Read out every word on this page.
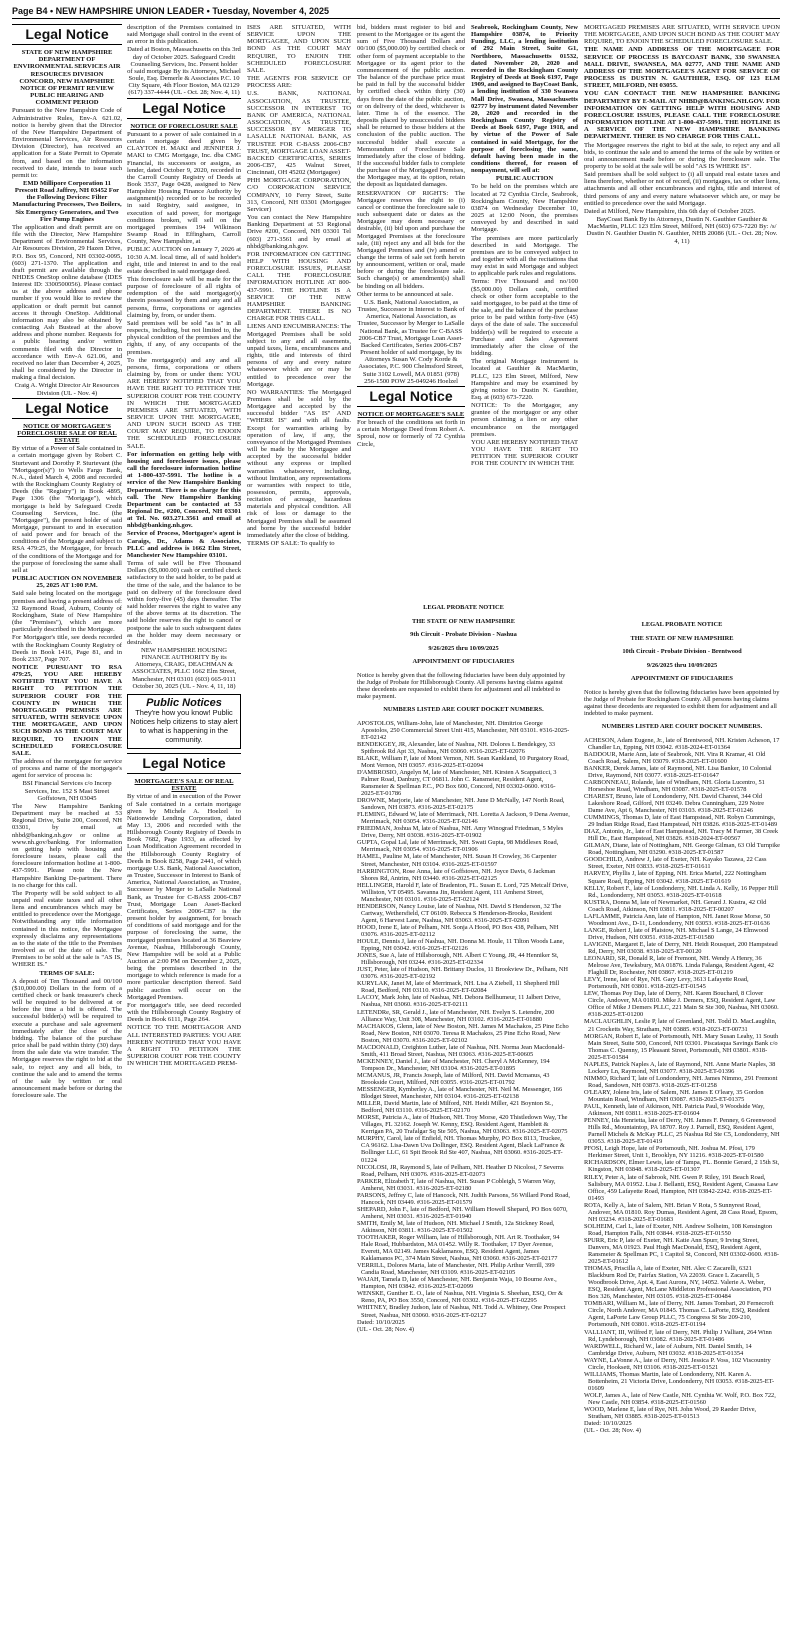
Page B4 • NEW HAMPSHIRE UNION LEADER • Tuesday, November 4, 2025
Legal Notice

STATE OF NEW HAMPSHIRE DEPARTMENT OF ENVIRONMENTAL SERVICES AIR RESOURCES DIVISION CONCORD, NEW HAMPSHIRE NOTICE OF PERMIT REVIEW PUBLIC HEARING AND COMMENT PERIOD

Pursuant to the New Hampshire Code of Administrative Rules, Env-A 621.02, notice is hereby given that the Director of the New Hampshire Department of Environmental Services, Air Resources Division (Director), has received an application for a State Permit to Operate from, and based on the information received to date, intends to issue such permit to:

EMD Millipore Corporation 11 Prescott Road Jaffrey, NH 03452 For the Following Devices: Filter Manufacturing Processes, Two Boilers, Six Emergency Generators, and Two Fire Pump Engines

The application and draft permit are on file with the Director, New Hampshire Department of Environmental Services, Air Resources Division, 29 Hazen Drive, P.O. Box 95, Concord, NH 03302-0095, (603) 271-1370. The application and draft permit are available through the NHDES OneStop online database (IDES Interest ID: 3300500056). Please contact us at the above address and phone number if you would like to review the application or draft permit but cannot access it through OneStop. Additional information may also be obtained by contacting Ash Bustead at the above address and phone number. Requests for a public hearing and/or written comments filed with the Director in accordance with Env-A 621.06, and received no later than December 4, 2025, shall be considered by the Director in making a final decision.

Craig A. Wright Director Air Resources Division (UL - Nov. 4)

Legal Notice

NOTICE OF MORTGAGEE'S FORECLOSURE SALE OF REAL ESTATE

By virtue of a Power of Sale contained in a certain mortgage given by Robert C. Sturtevant and Dorothy P. Sturtevant (the "Mortgagor(s)") to Wells Fargo Bank, N.A., dated March 4, 2008 and recorded with the Rockingham County Registry of Deeds (the "Registry") in Book 4895, Page 1306 (the "Mortgage"), which mortgage is held by Safeguard Credit Counseling Services, Inc. (the "Mortgagee"), the present holder of said Mortgage, pursuant to and in execution of said power and for breach of the conditions of the Mortgage and subject to RSA 479:25, the Mortgagee, for breach of the conditions of the Mortgage and for the purpose of foreclosing the same shall sell at

PUBLIC AUCTION ON NOVEMBER 25, 2025 AT 1:00 P.M.

Said sale being located on the mortgage premises and having a present address of: 32 Raymond Road, Auburn, County of Rockingham, State of New Hampshire (the "Premises"), which are more particularly described in the Mortgage.

For Mortgagor's title, see deeds recorded with the Rockingham County Registry of Deeds in Book 1416, Page 81, and in Book 2337, Page 707.

NOTICE PURSUANT TO RSA 479:25, YOU ARE HEREBY NOTIFIED THAT YOU HAVE A RIGHT TO PETITION THE SUPERIOR COURT FOR THE COUNTY IN WHICH THE MORTGAGED PREMISES ARE SITUATED, WITH SERVICE UPON THE MORTGAGEE, AND UPON SUCH BOND AS THE COURT MAY REQUIRE, TO ENJOIN THE SCHEDULED FORECLOSURE SALE.

The address of the mortgagee for service of process and name of the mortgagee's agent for service of process is:

BSI Financial Services c/o Incorp Services, Inc. 152 S Mast Street Goffstown, NH 03045

The New Hampshire Banking Department may be reached at 53 Regional Drive, Suite 200, Concord, NH 03301, by email at nhbd@banking.nh.gov or online at www.nh.gov/banking. For information on getting help with housing and foreclosure issues, please call the foreclosure information hotline at 1-800-437-5991. Please note the New Hampshire Banking De-partment. There is no charge for this call.

The Property will be sold subject to all unpaid real estate taxes and all other liens and encumbrances which may be entitled to precedence over the Mortgage. Notwithstanding any title information contained in this notice, the Mortgagee expressly disclaims any representations as to the state of the title to the Premises involved as of the date of sale. The Premises to be sold at the sale is "AS IS, WHERE IS."

TERMS OF SALE:

A deposit of Ten Thousand and 00/100 ($10,000.00) Dollars in the form of a certified check or bank treasurer's check will be required to be delivered at or before the time a bid is offered. The successful bidder(s) will be required to execute a purchase and sale agreement immediately after the close of the bidding. The balance of the purchase price shall be paid within thirty (30) days from the sale date via wire transfer. The Mortgagee reserves the right to bid at the sale, to reject any and all bids, to continue the sale and to amend the terms of the sale by written or oral announcement made before or during the foreclosure sale. The

description of the Premises contained in said Mortgage shall control in the event of an error in this publication.

Dated at Boston, Massachusetts on this 3rd day of October 2025. Safeguard Credit Counseling Services, Inc. Present holder of said mortgage By its Attorneys, Michael Soule, Esq. Demerle & Associates P.C. 10 City Square, 4th Floor Boston, MA 02129 (617) 337-4444 (UL - Oct. 28; Nov. 4, 11)

Legal Notice

NOTICE OF FORECLOSURE SALE

Pursuant to a power of sale contained in a certain mortgage deed given by CLAYTON H. MAKI and JENNIFER J. MAKI to CMG Mortgage, Inc. dba CMG Financial, its successors or assigns, as lender, dated October 9, 2020, recorded in the Carroll County Registry of Deeds at Book 3537, Page 0428, assigned to New Hampshire Housing Finance Authority by assignment(s) recorded or to be recorded in said Registry, said assignee, in execution of said power, for mortgage conditions broken, will sell on the mortgaged premises 194 Wilkinson Swamp Road in Effingham, Carroll County, New Hampshire, at

PUBLIC AUCTION on January 7, 2026 at 10:30 A.M. local time, all of said holder's right, title and interest in and to the real estate described in said mortgage deed.

This foreclosure sale will be made for the purpose of foreclosure of all rights of redemption of the said mortgagor(s) therein possessed by them and any and all persons, firms, corporations or agencies claiming by, from, or under them.

Said premises will be sold "as is" in all respects, including, but not limited to, the physical condition of the premises and the rights, if any, of any occupants of the premises.

To the mortgagor(s) and any and all persons, firms, corporations or others claiming by, from or under them: YOU ARE HEREBY NOTIFIED THAT YOU HAVE THE RIGHT TO PETITION THE SUPERIOR COURT FOR THE COUNTY IN WHICH THE MORTGAGED PREMISES ARE SITUATED, WITH SERVICE UPON THE MORTGAGEE, AND UPON SUCH BOND AS THE COURT MAY REQUIRE, TO ENJOIN THE SCHEDULED FORECLOSURE SALE.

For information on getting help with housing and foreclosure issues, please call the foreclosure information hotline at 1-800-437-5991. The hotline is a service of the New Hampshire Banking Department. There is no charge for this call. The New Hampshire Banking Department can be contacted at 53 Regional Dr., #200, Concord, NH 03301 at Tel. No. 603.271.3561 and email at nhbd@banking.nh.gov.

Service of Process, Mortgagee's agent is Caraigs, Dr., Adams & Associates, PLLC and address is 1662 Elm Street, Manchester New Hampshire 03101.

Terms of sale will be Five Thousand Dollars ($5,000.00) cash or certified check satisfactory to the said holder, to be paid at the time of the sale, and the balance to be paid on delivery of the foreclosure deed within forty-five (45) days thereafter. The said holder reserves the right to waive any of the above terms at its discretion. The said holder reserves the right to cancel or postpone the sale to such subsequent dates as the holder may deem necessary or desirable.

NEW HAMPSHIRE HOUSING FINANCE AUTHORITY By its Attorneys, CRAIG, DEACHMAN & ASSOCIATES, PLLC 1662 Elm Street, Manchester, NH 03101 (603) 665-9111 October 30, 2025 (UL - Nov. 4, 11, 18)

Public Notices
They're how you know! Public Notices help citizens to stay alert to what is happening in the community.
Legal Notice

MORTGAGEE'S SALE OF REAL ESTATE

By virtue of and in execution of the Power of Sale contained in a certain mortgage given by Michele A. Hoelzel to Nationwide Lending Corporation, dated May 13, 2006 and recorded with the Hillsborough County Registry of Deeds in Book 7682, Page 1933, as affected by Loan Modification Agreement recorded in the Hillsborough County Registry of Deeds in Book 8258, Page 2441, of which mortgage U.S. Bank, National Association, as Trustee, Successor in Interest to Bank of America, National Association, as Trustee, Successor by Merger to LaSalle National Bank, as Trustee for C-BASS 2006-CB7 Trust, Mortgage Loan Asset-Backed Certificates, Series 2006-CB7 is the present holder by assignment, for breach of conditions of said mortgage and for the purpose of foreclosing the same, the mortgaged premises located at 36 Beaview Avenue, Nashua, Hillsborough County, New Hampshire will be sold at a Public Auction at 2:00 PM on December 2, 2025, being the premises described in the mortgage to which reference is made for a more particular description thereof. Said public auction will occur on the Mortgaged Premises.

For mortgagor's title, see deed recorded with the Hillsborough County Registry of Deeds in Book 6111, Page 264.

NOTICE TO THE MORTGAGOR AND ALL INTERESTED PARTIES: YOU ARE HEREBY NOTIFIED THAT YOU HAVE A RIGHT TO PETITION THE SUPERIOR COURT FOR THE COUNTY IN WHICH THE MORTGAGED PREM-

ISES ARE SITUATED, WITH SERVICE UPON THE MORTGAGEE, AND UPON SUCH BOND AS THE COURT MAY REQUIRE, TO ENJOIN THE SCHEDULED FORECLOSURE SALE.

THE AGENTS FOR SERVICE OF PROCESS ARE:

U.S. BANK, NATIONAL ASSOCIATION, AS TRUSTEE, SUCCESSOR IN INTEREST TO BANK OF AMERICA, NATIONAL ASSOCIATION, AS TRUSTEE, SUCCESSOR BY MERGER TO LASALLE NATIONAL BANK, AS TRUSTEE FOR C-BASS 2006-CB7 TRUST, MORTGAGE LOAN ASSET-BACKED CERTIFICATES, SERIES 2006-CB7, 425 Walnut Street, Cincinnati, OH 45202 (Mortgagee)

PHH MORTGAGE CORPORATION, C/O CORPORATION SERVICE COMPANY, 10 Ferry Street, Suite 313, Concord, NH 03301 (Mortgagee Servicer)

You can contact the New Hampshire Banking Department at 53 Regional Drive #200, Concord, NH 03301 Tel (603) 271-3561 and by email at nhbd@banking.nh.gov.

FOR INFORMATION ON GETTING HELP WITH HOUSING AND FORECLOSURE ISSUES, PLEASE CALL THE FORECLOSURE INFORMATION HOTLINE AT 800-437-5991. THE HOTLINE IS A SERVICE OF THE NEW HAMPSHIRE BANKING DEPARTMENT. THERE IS NO CHARGE FOR THIS CALL.

LIENS AND ENCUMBRANCES: The Mortgaged Premises shall be sold subject to any and all easements, unpaid taxes, liens, encumbrances and rights, title and interests of third persons of any and every nature whatsoever which are or may be entitled to precedence over the Mortgage.

NO WARRANTIES: The Mortgaged Premises shall be sold by the Mortgagee and accepted by the successful bidder "AS IS" AND "WHERE IS" and with all faults. Except for warranties arising by operation of law, if any, the conveyance of the Mortgaged Premises will be made by the Mortgagee and accepted by the successful bidder without any express or implied warranties whatsoever, including, without limitation, any representations or warranties with respect to title, possession, permits, approvals, recitation of acreage, hazardous materials and physical condition. All risk of loss or damage to the Mortgaged Premises shall be assumed and borne by the successful bidder immediately after the close of bidding.

TERMS OF SALE: To qualify to

bid, bidders must register to bid and present to the Mortgagee or its agent the sum of Five Thousand Dollars and 00/100 ($5,000.00) by certified check or other form of payment acceptable to the Mortgagee or its agent prior to the commencement of the public auction. The balance of the purchase price must be paid in full by the successful bidder by certified check within thirty (30) days from the date of the public auction, or on delivery of the deed, whichever is later. Time is of the essence. The deposits placed by unsuccessful bidders shall be returned to those bidders at the conclusion of the public auction. The successful bidder shall execute a Memorandum of Foreclosure Sale immediately after the close of bidding. If the successful bidder fails to complete the purchase of the Mortgaged Premises, the Mortgagee may, at its option, retain the deposit as liquidated damages.

RESERVATION OF RIGHTS: The Mortgagee reserves the right to (i) cancel or continue the foreclosure sale to such subsequent date or dates as the Mortgagee may deem necessary or desirable, (ii) bid upon and purchase the Mortgaged Premises at the foreclosure sale, (iii) reject any and all bids for the Mortgaged Premises and (iv) amend or change the terms of sale set forth herein by announcement, written or oral, made before or during the foreclosure sale. Such change(s) or amendment(s) shall be binding on all bidders.

Other terms to be announced at sale.

U.S. Bank, National Association, as Trustee, Successor in Interest to Bank of America, National Association, as Trustee, Successor by Merger to LaSalle National Bank, as Trustee for C-BASS 2006-CB7 Trust, Mortgage Loan Asset-Backed Certificates, Series 2006-CB7 Present holder of said mortgage, by its Attorneys Susan W. Cody Korde & Associates, P.C. 900 Chelmsford Street, Suite 3102 Lowell, MA 01851 (978) 256-1500 POW 25-049246 Hoelzel

Legal Notice

NOTICE OF MORTGAGEE'S SALE

For breach of the conditions set forth in a certain Mortgage Deed from Robert A. Sproul, now or formerly of 72 Cynthia Circle,

Seabrook, Rockingham County, New Hampshire 03874, to Priority Funding, LLC, a lending institution of 292 Main Street, Suite G1, Northboro, Massachusetts 01532, dated November 20, 2020 and recorded in the Rockingham County Registry of Deeds at Book 6197, Page 1909, and assigned to BayCoast Bank, a lending institution of 330 Swansea Mall Drive, Swansea, Massachusetts 02777 by instrument dated November 20, 2020 and recorded in the Rockingham County Registry of Deeds at Book 6197, Page 1918, and by virtue of the Power of Sale contained in said Mortgage, for the purpose of foreclosing the same, default having been made in the conditions thereof, for reason of nonpayment, will sell at:

PUBLIC AUCTION

To be held on the premises which are located at 72 Cynthia Circle, Seabrook, Rockingham County, New Hampshire 03874 on Wednesday December 10, 2025 at 12:00 Noon, the premises conveyed by and described in said Mortgage.

The premises are more particularly described in said Mortgage. The premises are to be conveyed subject to and together with all the recitations that may exist in said Mortgage and subject to applicable park rules and regulations.

Terms: Five Thousand and no/100 ($5,000.00) Dollars cash, certified check or other form acceptable to the said mortgagee, to be paid at the time of the sale, and the balance of the purchase price to be paid within forty-five (45) days of the date of sale. The successful bidder(s) will be required to execute a Purchase and Sales Agreement immediately after the close of the bidding.

The original Mortgage instrument is located at Gauthier & MacMartin, PLLC, 123 Elm Street, Milford, New Hampshire and may be examined by giving notice to Dustin N. Gauthier, Esq. at (603) 673-7220.

NOTICE: To the Mortgagor, any grantee of the mortgagor or any other person claiming a lien or any other encumbrance on the mortgaged premises.

YOU ARE HEREBY NOTIFIED THAT YOU HAVE THE RIGHT TO PETITION THE SUPERIOR COURT FOR THE COUNTY IN WHICH THE

MORTGAGED PREMISES ARE SITUATED, WITH SERVICE UPON THE MORTGAGEE, AND UPON SUCH BOND AS THE COURT MAY REQUIRE, TO ENJOIN THE SCHEDULED FORECLOSURE SALE.

THE NAME AND ADDRESS OF THE MORTGAGEE FOR SERVICE OF PROCESS IS BAYCOAST BANK, 330 SWANSEA MALL DRIVE, SWANSEA, MA 02777, AND THE NAME AND ADDRESS OF THE MORTGAGEE'S AGENT FOR SERVICE OF PROCESS IS DUSTIN N. GAUTHIER, ESQ. OF 123 ELM STREET, MILFORD, NH 03055.

YOU CAN CONTACT THE NEW HAMPSHIRE BANKING DEPARTMENT BY E-MAIL AT NHBD@BANKING.NH.GOV. FOR INFORMATION ON GETTING HELP WITH HOUSING AND FORECLOSURE ISSUES, PLEASE CALL THE FORECLOSURE INFORMATION HOTLINE AT 1-800-437-5991. THE HOTLINE IS A SERVICE OF THE NEW HAMPSHIRE BANKING DEPARTMENT. THERE IS NO CHARGE FOR THIS CALL.

The Mortgagee reserves the right to bid at the sale, to reject any and all bids, to continue the sale and to amend the terms of the sale by written or oral announcement made before or during the foreclosure sale. The property to be sold at the sale will be sold "AS IS WHERE IS".

Said premises shall be sold subject to (i) all unpaid real estate taxes and liens therefore, whether or not of record, (ii) mortgages, tax or other liens, attachments and all other encumbrances and rights, title and interest of third persons of any and every nature whatsoever which are, or may be entitled to precedence over the said Mortgage.

Dated at Milford, New Hampshire, this 6th day of October 2025.

BayCoast Bank By its Attorneys, Dustin N. Gauthier Gauthier & MacMartin, PLLC 123 Elm Street, Milford, NH (603) 673-7220 By: /s/ Dustin N. Gauthier Dustin N. Gauthier, NHB 20086 (UL - Oct. 28; Nov. 4, 11)

LEGAL PROBATE NOTICE

THE STATE OF NEW HAMPSHIRE

9th Circuit - Probate Division - Nashua

9/26/2025 thru 10/09/2025

APPOINTMENT OF FIDUCIARIES

Notice is hereby given that the following fiduciaries have been duly appointed by the Judge of Probate for Hillsborough County. All persons having claims against these decedents are requested to exhibit them for adjustment and all indebted to make payment.

NUMBERS LISTED ARE COURT DOCKET NUMBERS.

APOSTOLOS, William-John, late of Manchester, NH. Dimitrios George Apostolos, 250 Commercial Street Unit 415, Manchester, NH 03101. #316-2025-ET-02142

BENDEKGEY, JR, Alexander, late of Nashua, NH. Dolores L Bendekgey, 33 Spitbrook Rd Apt 33, Nashua, NH 03060. #316-2025-ET-02076

BLAKE, William F, late of Mont Vernon, NH. Sean Kankland, 10 Purgatory Road, Mont Vernon, NH 03057. #316-2025-ET-02094

D'AMBROSIO, Angelyn M, late of Manchester, NH. Kirsten A Scappaticci, 3 Palmer Road, Danbury, CT 06811. John C. Ransmeier, Resident Agent, Ransmeier & Spellman P.C., PO Box 600, Concord, NH 03302-0600. #316-2025-ET-01786

DROWNE, Marjorie, late of Manchester, NH. June D McNally, 147 North Road, Sandown, NH 03873. #316-2025-ET-02175

FLEMING, Edward W, late of Merrimack, NH. Loretta A Jackson, 9 Dena Avenue, Merrimack, NH 03054. #316-2025-ET-02146

FRIEDMAN, Joshua M, late of Nashua, NH. Amy Winograd Friedman, 5 Myles Drive, Derry, NH 03038. #316-2025-ET-01902

GUPTA, Gopal Lal, late of Merrimack, NH. Swati Gupta, 98 Middlesex Road, Merrimack, NH 03054. #316-2025-ET-01906

HAMEL, Pauline M, late of Manchester, NH. Susan H Crowley, 36 Carpenter Street, Manchester, NH 03104. #316-2025-ET-01597

HARRINGTON, Rose Anna, late of Goffstown, NH. Joyce Davis, 6 Jackman Shores Rd, Antrim, NH 03440. #316-2025-ET-02125

HELLINGER, Harold F, late of Bradenton, FL. Susan E. Lord, 725 Metcalf Drive, Williston, VT 05495. Savanna Jin, Resident Agent, 111 Amherst Street, Manchester, NH 03101. #316-2025-ET-02124

HENDERSON, Nancy Louise, late of Nashua, NH. David S Henderson, 32 The Cartway, Wethersfield, CT 06109. Rebecca S Henderson-Brooks, Resident Agent, 6 Harvest Lane, Nashua, NH 03063. #316-2025-ET-02091

HOOD, Irene E, late of Pelham, NH. Sonja A Hood, PO Box 438, Pelham, NH 03076. #316-2025-ET-02112

HOULE, Dennis J, late of Nashua, NH. Donna M. Houle, 11 Tilton Woods Lane, Epping, NH 03042. #316-2025-ET-02126

JONES, Sue A, late of Hillsborough, NH. Albert C Young, JR, 44 Henniker St, Hillsborough, NH 03244. #316-2025-ET-02334

JUST, Peter, late of Hudson, NH. Brittany Duclos, 11 Brookview Dr., Pelham, NH 03076. #316-2025-ET-02192

KURYLAK, Janet M, late of Merrimack, NH. Lisa A Ziebell, 11 Shepherd Hill Road, Bedford, NH 03110. #316-2025-ET-02084

LACOY, Mark John, late of Nashua, NH. Debora Bellhumeur, 11 Jalbert Drive, Nashua, NH 03060. #316-2025-ET-02111

LETENDRe, SR, Gerald J., late of Manchester, NH. Evelyn S. Letendre, 200 Alliance Way, Unit 308, Manchester, NH 03102. #316-2025-ET-01880

MACHAKOS, Glenn, late of New Boston, NH. James M Machakos, 25 Pine Echo Road, New Boston, NH 03070. Teresa R Machakos, 25 Pine Echo Road, New Boston, NH 03070. #316-2025-ET-02102

MACDONALD, Creighton Luther, late of Nashua, NH. Norma Jean Macdonald-Smith, 411 Broad Street, Nashua, NH 03063. #316-2025-ET-00605

MCKENNEY, Daniel J., late of Manchester, NH. Cheryl A McKenney, 194 Tompson Dr., Manchester, NH 03104. #316-2025-ET-01895

MCMANUS, JR, Francis Joseph, late of Milford, NH. David Mcmanus, 43 Brookside Court, Milford, NH 03055. #316-2025-ET-01792

MESSENGER, Kymberley A., late of Manchester, NH. Neil M. Messenger, 166 Blodget Street, Manchester, NH 03104. #316-2025-ET-02138

MILLER, David Martin, late of Milford, NH. Heidi Miller, 421 Boynton St., Bedford, NH 03110. #316-2025-ET-02170

MORSE, Patricia A., late of Hudson, NH. Troy Morse, 420 Thistledown Way, The Villages, FL 32162. Joseph W. Kenny, ESQ. Resident Agent, Hamblett & Kerrigan PA, 20 Trafalgar Sq Ste 505, Nashua, NH 03063. #316-2025-ET-02075

MURPHY, Carol, late of Enfield, NH. Thomas Murphy, PO Box 8113, Truckee, CA 96162. Lisa-Dawn Uva Dollinger, ESQ. Resident Agent, Black LaFrance & Bollinger LLC, 61 Spit Brook Rd Ste 407, Nashua, NH 03060. #316-2025-ET-01224

NICOLOSI, JR, Raymond S, late of Pelham, NH. Heather D Nicolosi, 7 Severns Road, Pelham, NH 03076. #316-2025-ET-02073

PARKER, Elizabeth T, late of Nashua, NH. Susan P Cobleigh, 5 Warren Way, Amherst, NH 03031. #316-2025-ET-02180

PARSONS, Jeffrey C, late of Hancock, NH. Judith Parsons, 56 Willard Pond Road, Hancock, NH 03449. #316-2025-ET-01579

SHEPARD, John F., late of Bedford, NH. William Howell Shepard, PO Box 6070, Amherst, NH 03031. #316-2025-ET-01940

SMITH, Emily M, late of Hudson, NH. Michael J Smith, 12a Stickney Road, Atkinson, NH 03811. #316-2025-ET-01502

TOOTHAKER, Roger William, late of Hillsborough, NH. Art R. Toothaker, 94 Hale Road, Hubbardston, MA 01452. Willy R. Toothaker, 17 Dyer Avenue, Everett, MA 02149. James Kaklamanos, ESQ. Resident Agent, James Kaklamanos PC, 374 Main Street, Nashua, NH 03060. #316-2025-ET-02177

VERRILL, Dolores Maria, late of Manchester, NH. Philip Arthur Verrill, 399 Candia Road, Manchester, NH 03109. #316-2025-ET-02105

WAJAH, Tamela D, late of Manchester, NH. Benjamin Waja, 10 Bourne Ave., Hampton, NH 03842. #316-2025-ET-02099

WENSKE, Gunther E. O., late of Nashua, NH. Virginia S. Sheehan, ESQ, Orr & Reno, PA, PO Box 3550, Concord, NH 03302. #316-2025-ET-02295

WHITNEY, Bradley Judson, late of Nashua, NH. Todd A. Whitney, One Prospect Street, Nashua, NH 03060. #316-2025-ET-02127

Dated: 10/10/2025

(UL - Oct. 28; Nov. 4)

LEGAL PROBATE NOTICE

THE STATE OF NEW HAMPSHIRE

10th Circuit - Probate Division - Brentwood

9/26/2025 thru 10/09/2025

APPOINTMENT OF FIDUCIARIES

Notice is hereby given that the following fiduciaries have been appointed by the Judge of Probate for Rockingham County. All persons having claims against these decedents are requested to exhibit them for adjustment and all indebted to make payment.

NUMBERS LISTED ARE COURT DOCKET NUMBERS.

ACHESON, Adam Eugene, Jr., late of Brentwood, NH. Kristen Acheson, 17 Chandler Ln, Epping, NH 03042. #318-2024-ET-01364

BADDOUR, Marie Ann, late of Seabrook, NH. Vira R Kramar, 41 Old Coach Road, Salem, NH 03079. #318-2025-ET-01600

BANKER, Derek James, late of Raymond, NH. Lisa Banker, 10 Colonial Drive, Raymond, NH 03077. #318-2025-ET-01647

CARBONNEAU, Rolande, late of Windham, NH. Gloria Lucentro, 51 Horseshoe Road, Windham, NH 03087. #318-2025-ET-01578

CHAREST, Bruno, late of Londonderry, NH. David Charest, 344 Old Lakeshore Road, Gilford, NH 03249. Debra Cunningham, 229 Notre Dame Ave, Apt 6, Manchester, NH 03103. #318-2025-ET-01246

CUMMINGS, Thomas D, late of East Hampstead, NH. Robyn Cummings, 29 Indian Ridge Road, East Hampstead, NH 03826. #318-2025-ET-01489

DIAZ, Antonio, Jr., late of East Hampstead, NH. Tracy M Farmer, 38 Creek Hill Dr., East Hampstead, NH 03826. #318-2024-ET-00567

GILMAN, Diane, late of Nottingham, NH. George Gilman, 63 Old Turnpike Road, Nottingham, NH 03290. #318-2025-ET-01587

GOODCHILD, Andrew J, late of Exeter, NH. Kayako Tazawa, 22 Cass Street, Exeter, NH 03833. #318-2025-ET-01611

HARVEY, Phyllis J, late of Epping, NH. Erica Martel, 222 Nottingham Square Road, Epping, NH 03042. #318-2025-ET-01619

KELLY, Robert F., late of Londonderry, NH. Linda A. Kelly, 16 Pepper Hill Rd., Londonderry, NH 03053. #318-2025-ET-01618

KUSTRA, Donna M, late of Newmarket, NH. Gerard J. Kustra, 42 Old Coach Road, Atkinson, NH 03811. #318-2025-ET-00207

LAFLAMME, Patricia Ann, late of Hampton, NH. Janet Rose Morse, 50 Woodmont Ave., D-11, Londonderry, NH 03053. #318-2025-ET-01636

LANGE, Robert J, late of Plaistow, NH. Michael S Lange, 24 Elmwood Drive, Hudson, NH 03051. #318-2025-ET-01580

LAVIGNE, Margaret E, late of Derry, NH. Heidi Rousquet, 200 Hampstead Rd, Derry, NH 03038. #318-2025-ET-00120

LEONARD, SR, Donald R, late of Fremont, NH. Wendy A Henry, 36 Melrose Ave, Tewksbury, MA 01876. Linda Falanga, Resident Agent, 42 Flaghill Dr, Rochester, NH 03867. #318-2025-ET-01219

LEVY, Irene, late of Rye, NH. Gary Levy, 3613 Lafayette Road, Portsmouth, NH 03801. #318-2025-ET-01545

LEW, Thomas Poy Dap, late of Derry, NH. Karen Bouchard, 8 Clover Circle, Andover, MA 01810. Mike J. Demers, ESQ, Resident Agent, Law Office of Mike J Demers PLLC, 221 Main St Ste 300, Nashua, NH 03060. #318-2025-ET-01200

MACLAUGHLIN, Leslie P, late of Greenland, NH. Todd D. MacLaughlin, 21 Crocketts Way, Stratham, NH 03885. #318-2023-ET-00731

MORGAN, Robert E, late of Portsmouth, NH. Mary Susan Leahy, 11 South Main Street, Suite 500, Concord, NH 03301. Piscataqua Savings Bank c/o Thomas C. Quenny, 15 Pleasant Street, Portsmouth, NH 03801. #318-2025-ET-01584

NAPLES, Patrick Naples A, late of Raymond, NH. Anne Marie Naples, 38 Lockery Ln, Raymond, NH 03077. #318-2025-ET-01396

NIMMO, Richard T, late of Londonderry, NH. James Nimmo, 291 Fremont Road, Sandown, NH 03873. #318-2025-ET-01258

O'LEARY, Jolene Iris, late of Salem, NH. James E O'leary, 35 Gordon Mountain Road, Windham, NH 03087. #318-2025-ET-01375

PAUL, Kenneth, late of Atkinson, NH. Patricia Paul, 9 Woodside Way, Atkinson, NH 03811. #318-2025-ET-01604

PENNEY, Ida Henrietta, late of Derry, NH. James F. Penney, 6 Greenwood Hills Rd., Mountaintop, PA 18707. Roy J. Parnell, ESQ, Resident Agent, Parnell Michels & McKay PLLC, 25 Nashua Rd Ste C5, Londonderry, NH 03053. #318-2025-ET-01419

PFOSI, Leigh Hope, late of Portsmouth, NH. Joshua M. Pfosi, 179 Herkimer Street, Unit 1, Brooklyn, NY 11216. #318-2025-ET-01580

RICHARDSON, Elmer Lewis, late of Tampa, FL. Bonnie Gerard, 2 15th St, Kingston, NH 03848. #318-2025-ET-01307

RILEY, Peter A, late of Sabrook, NH. Gwen P. Riley, 191 Beach Road, Salisbury, MA 01952. Lisa J. Bellanti, ESQ, Resident Agent, Casassa Law Office, 459 Lafayette Road, Hampton, NH 03842-2242. #318-2025-ET-01493

ROTA, Kelly A, late of Salem, NH. Brian V Rota, 5 Sunnyrest Road, Andover, MA 01810. Roy Dumas, Resident Agent, 28 Cass Road, Epsom, NH 03234. #318-2025-ET-01683

SOLHEIM, Carl L, late of Exeter, NH. Andrew Solheim, 108 Kensington Road, Hampton Falls, NH 03844. #318-2025-ET-01550

SPURR, Eric P, late of Exeter, NH. Katie Ann Spurr, 9 Irving Street, Danvers, MA 01923. Paul Hugh MacDonald, ESQ, Resident Agent, Ransmeier & Spellman PC, 1 Capitol St, Concord, NH 03302-0600. #318-2025-ET-01612

THOMAS, Priscilla A, late of Exeter, NH. Alec C Zacarelli, 6321 Blackburn Rod Dr, Fairfax Station, VA 22039. Grace L Zacarelli, 5 Woodbrook Drive, Apt. 4, East Aurora, NY, 14052. Valerie A. Weber, ESQ, Resident Agent, McLane Middleton Professional Association, PO Box 326, Manchester, NH 03105. #318-2025-ET-00484

TOMBARI, William M., late of Derry, NH. James Tombari, 20 Fernecroft Circle, North Andover, MA 01845. Thomas C. LaPorte, ESQ, Resident Agent, LaPorte Law Group PLLC, 75 Congress St Ste 209-210, Portsmouth, NH 03801. #318-2025-ET-01194

VALLIANT, III, Wilfred F, late of Derry, NH. Philip J Valliant, 264 Winn Rd, Lyndeborough, NH 03082. #318-2025-ET-01486

WARDWELL, Richard W., late of Auburn, NH. Daniel Smith, 14 Cambridge Drive, Auburn, NH 03032. #318-2025-ET-01354

WAYNE, LaVonne A., late of Derry, NH. Jessica P. Voss, 102 Viscountry Circle, Hooksett, NH 03106. #318-2025-ET-01521

WILLIAMS, Thomas Martin, late of Londonderry, NH. Karen A. Bottenheim, 21 Victoria Drive, Londonderry, NH 03053. #318-2025-ET-01609

WOLF, James A., late of New Castle, NH. Cynthia W. Wolf, P.O. Box 722, New Castle, NH 03854. #318-2025-ET-01560

WOOD, Marlene E, late of Rye, NH. John Wood, 29 Raeder Drive, Stratham, NH 03885. #318-2025-ET-01513

Dated: 10/10/2025

(UL - Oct. 28; Nov. 4)
